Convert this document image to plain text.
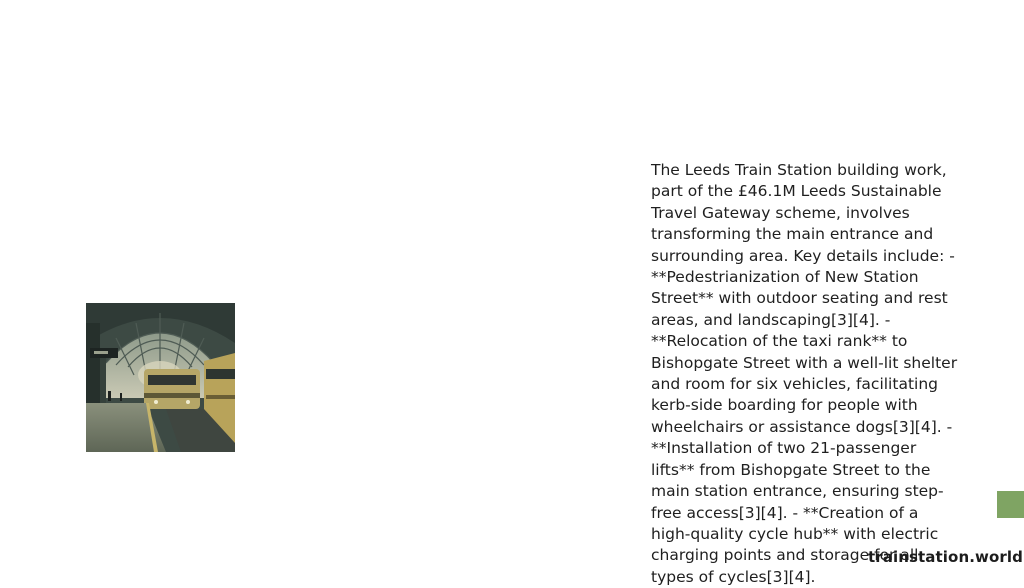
The Leeds Train Station building work, part of the £46.1M Leeds Sustainable Travel Gateway scheme, involves transforming the main entrance and surrounding area. Key details include: - **Pedestrianization of New Station Street** with outdoor seating and rest areas, and landscaping[3][4]. - **Relocation of the taxi rank** to Bishopgate Street with a well-lit shelter and room for six vehicles, facilitating kerb-side boarding for people with wheelchairs or assistance dogs[3][4]. - **Installation of two 21-passenger lifts** from Bishopgate Street to the main station entrance, ensuring step-free access[3][4]. - **Creation of a high-quality cycle hub** with electric charging points and storage for all types of cycles[3][4].

trainstation.world
